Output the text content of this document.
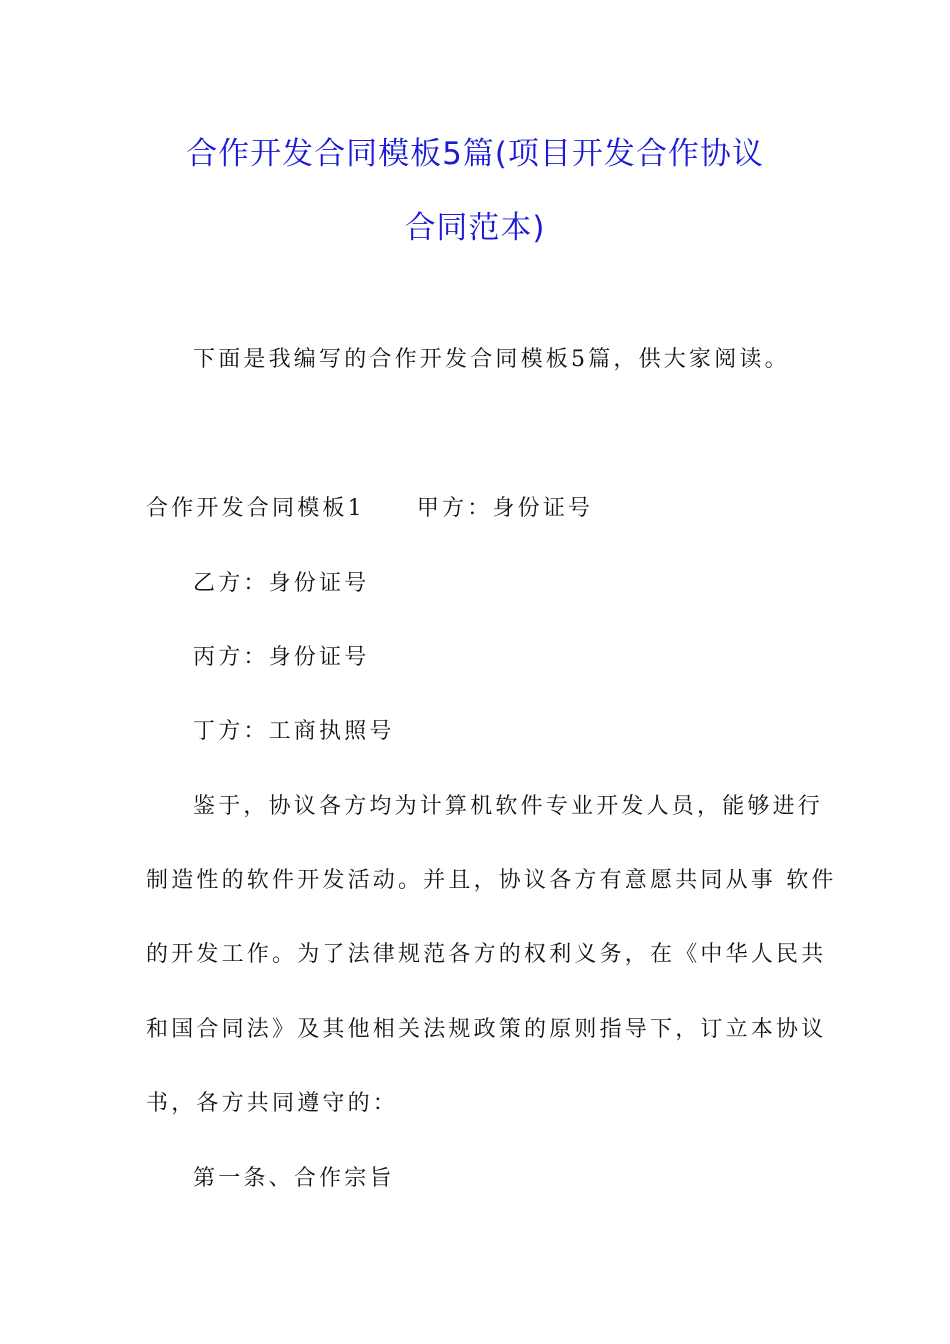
合作开发合同模板5篇(项目开发合作协议
合同范本)
下面是我编写的合作开发合同模板5篇，供大家阅读。
合作开发合同模板1 甲方：身份证号
乙方：身份证号
丙方：身份证号
丁方：工商执照号
鉴于，协议各方均为计算机软件专业开发人员，能够进行
制造性的软件开发活动。并且，协议各方有意愿共同从事 软件
的开发工作。为了法律规范各方的权利义务，在《中华人民共
和国合同法》及其他相关法规政策的原则指导下，订立本协议
书，各方共同遵守的：
第一条、合作宗旨
